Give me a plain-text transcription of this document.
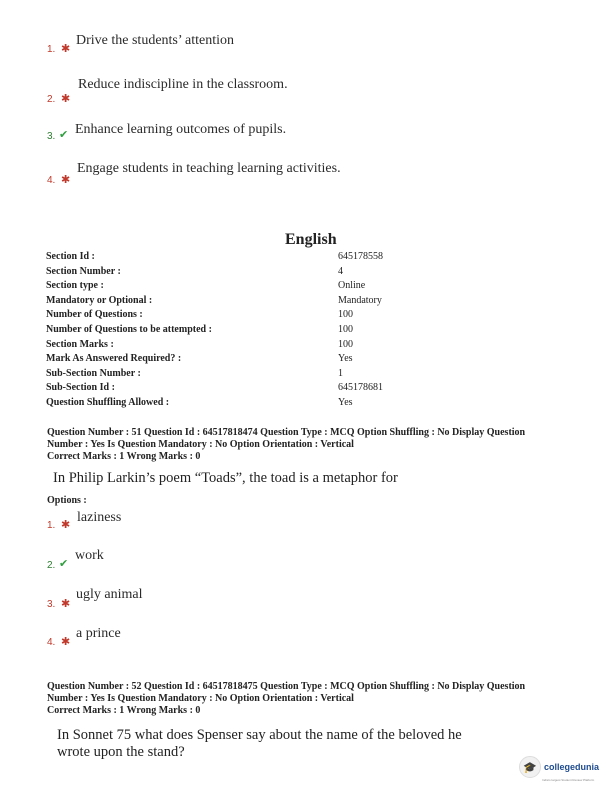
1. ✱
Drive the students’ attention
2. ✱
Reduce indiscipline in the classroom.
3. ✔ Enhance learning outcomes of pupils.
4. ✱
Engage students in teaching learning activities.
English
Section Id :	645178558
Section Number :	4
Section type :	Online
Mandatory or Optional :	Mandatory
Number of Questions :	100
Number of Questions to be attempted :	100
Section Marks :	100
Mark As Answered Required? :	Yes
Sub-Section Number :	1
Sub-Section Id :	645178681
Question Shuffling Allowed :	Yes
Question Number : 51 Question Id : 64517818474 Question Type : MCQ Option Shuffling : No Display Question
Number : Yes Is Question Mandatory : No Option Orientation : Vertical
Correct Marks : 1 Wrong Marks : 0
In Philip Larkin’s poem “Toads”, the toad is a metaphor for
Options :
1. ✱ laziness
2. ✔
work
3. ✱
ugly animal
4. ✱
a prince
Question Number : 52 Question Id : 64517818475 Question Type : MCQ Option Shuffling : No Display Question
Number : Yes Is Question Mandatory : No Option Orientation : Vertical
Correct Marks : 1 Wrong Marks : 0
In Sonnet 75 what does Spenser say about the name of the beloved he
wrote upon the stand?
🎓 collegedunia
India's largest Student Review Platform
